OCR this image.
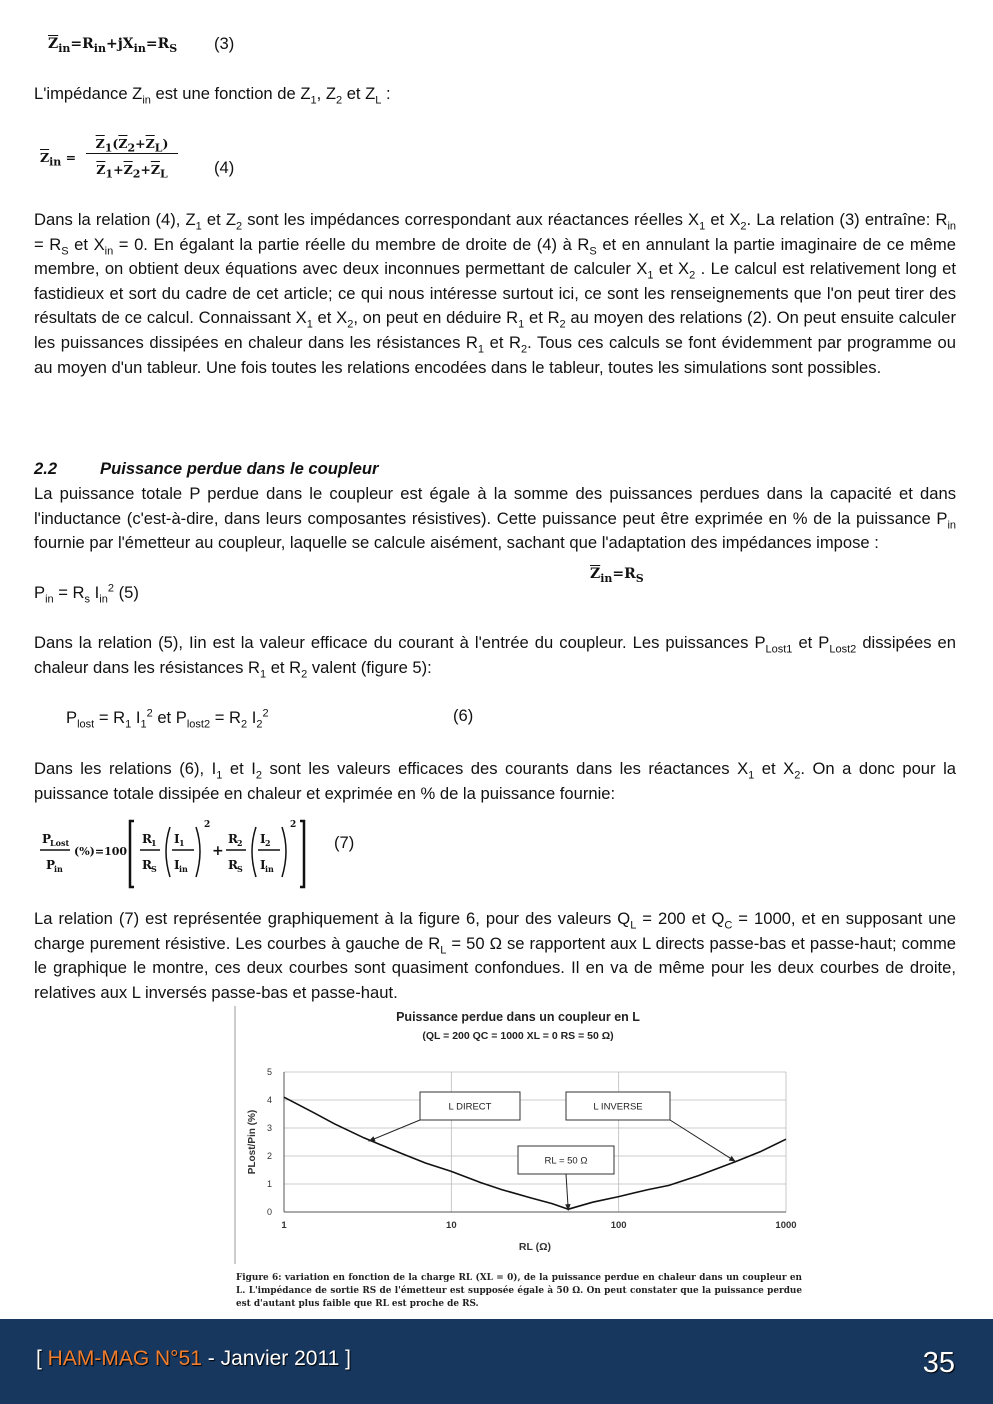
$\overline{Z}_{in}=R_{in}+jX_{in}=R_S$ (3)
L'impédance $Z_{in}$ est une fonction de $Z_1$, $Z_2$ et $Z_L$ :
$\overline{Z}_{in}$ =
$\overline{Z}_1(\overline{Z}_2+\overline{Z}_L)$
$\overline{Z}_1+\overline{Z}_2+\overline{Z}_L$	(4)
Dans la relation (4), $Z_1$ et $Z_2$ sont les impédances correspondant aux réactances réelles $X_1$ et $X_2$. La relation (3) entraîne: $R_{in} = R_S$ et $X_{in} = 0$. En égalant la partie réelle du membre de droite de (4) à $R_S$ et en annulant la partie imaginaire de ce même membre, on obtient deux équations avec deux inconnues permettant de calculer $X_1$ et $X_2$ . Le calcul est relativement long et fastidieux et sort du cadre de cet article; ce qui nous intéresse surtout ici, ce sont les renseignements que l'on peut tirer des résultats de ce calcul. Connaissant $X_1$ et $X_2$, on peut en déduire $R_1$ et $R_2$ au moyen des relations (2). On peut ensuite calculer les puissances dissipées en chaleur dans les résistances $R_1$ et $R_2$. Tous ces calculs se font évidemment par programme ou au moyen d'un tableur. Une fois toutes les relations encodées dans le tableur, toutes les simulations sont possibles.
2.2	Puissance perdue dans le coupleur
La puissance totale P perdue dans le coupleur est égale à la somme des puissances perdues dans la capacité et dans l'inductance (c'est-à-dire, dans leurs composantes résistives). Cette puissance peut être exprimée en % de la puissance $P_{in}$ fournie par l'émetteur au coupleur, laquelle se calcule aisément, sachant que l'adaptation des impédances impose :
$\overline{Z}_{in}=R_S$
$P_{in} = R_s$ $I_{in}^2$ (5)
Dans la relation (5), Iin est la valeur efficace du courant à l'entrée du coupleur. Les puissances $P_{Lost1}$ et $P_{Lost2}$ dissipées en chaleur dans les résistances $R_1$ et $R_2$ valent (figure 5):
$P_{lost} = R_1$ $I_1^2$ et $P_{lost2} = R_2$ $I_2^2$	(6)
Dans les relations (6), $I_1$ et $I_2$ sont les valeurs efficaces des courants dans les réactances $X_1$ et $X_2$. On a donc pour la puissance totale dissipée en chaleur et exprimée en % de la puissance fournie:
P
Lost
P
in
(%)=100
R 1
R S
I 1
I in
2
+
R 2
R S
I 2
I in
2
(7)
La relation (7) est représentée graphiquement à la figure 6, pour des valeurs $Q_L = 200$ et $Q_C = 1000$, et en supposant une charge purement résistive. Les courbes à gauche de $R_L = 50$ Ω se rapportent aux L directs passe-bas et passe-haut; comme le graphique le montre, ces deux courbes sont quasiment confondues. Il en va de même pour les deux courbes de droite, relatives aux L inversés passe-bas et passe-haut.
Puissance perdue dans un coupleur en L
(QL = 200 QC = 1000 XL = 0 RS = 50 Ω)
0
1
2
3
4
5
1	10	100	1000
RL (Ω)
PLost/Pin (%)
L DIRECT	L INVERSE
RL = 50 Ω
Figure 6: variation en fonction de la charge RL (XL = 0), de la puissance perdue en chaleur dans un coupleur en L. L'impédance de sortie RS de l'émetteur est supposée égale à 50 Ω. On peut constater que la puissance perdue est d'autant plus faible que RL est proche de RS.
[ HAM-MAG N°51 - Janvier 2011 ]	35
